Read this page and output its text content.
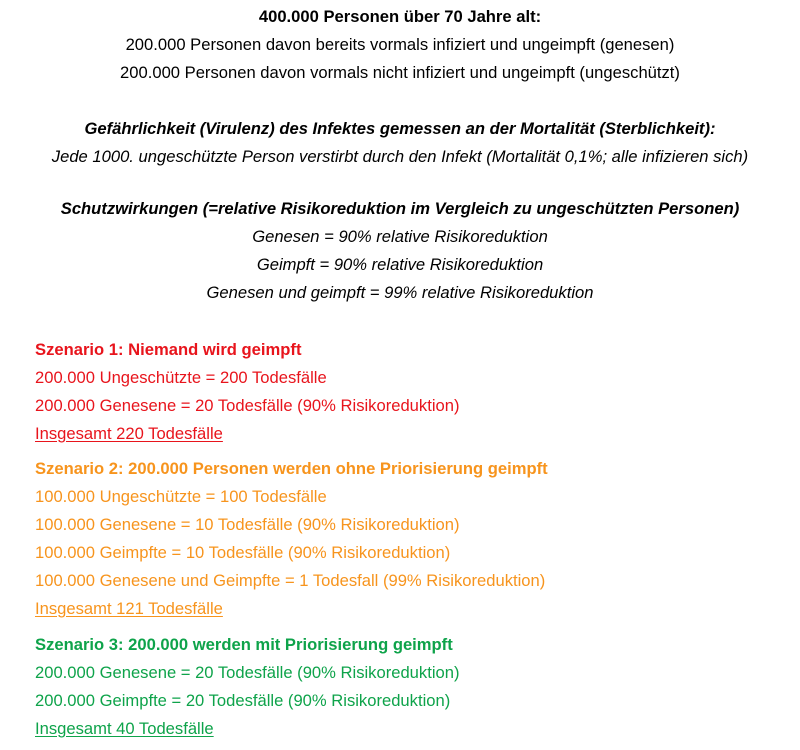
400.000 Personen über 70 Jahre alt:
200.000 Personen davon bereits vormals infiziert und ungeimpft (genesen)
200.000 Personen davon vormals nicht infiziert und ungeimpft (ungeschützt)
Gefährlichkeit (Virulenz) des Infektes gemessen an der Mortalität (Sterblichkeit):
Jede 1000. ungeschützte Person verstirbt durch den Infekt (Mortalität 0,1%; alle infizieren sich)
Schutzwirkungen (=relative Risikoreduktion im Vergleich zu ungeschützten Personen)
Genesen = 90% relative Risikoreduktion
Geimpft = 90% relative Risikoreduktion
Genesen und geimpft = 99% relative Risikoreduktion
Szenario 1: Niemand wird geimpft
200.000 Ungeschützte = 200 Todesfälle
200.000 Genesene = 20 Todesfälle (90% Risikoreduktion)
Insgesamt 220 Todesfälle
Szenario 2: 200.000 Personen werden ohne Priorisierung geimpft
100.000 Ungeschützte = 100 Todesfälle
100.000 Genesene = 10 Todesfälle (90% Risikoreduktion)
100.000 Geimpfte = 10 Todesfälle (90% Risikoreduktion)
100.000 Genesene und Geimpfte = 1 Todesfall (99% Risikoreduktion)
Insgesamt 121 Todesfälle
Szenario 3: 200.000 werden mit Priorisierung geimpft
200.000 Genesene = 20 Todesfälle (90% Risikoreduktion)
200.000 Geimpfte = 20 Todesfälle (90% Risikoreduktion)
Insgesamt 40 Todesfälle
